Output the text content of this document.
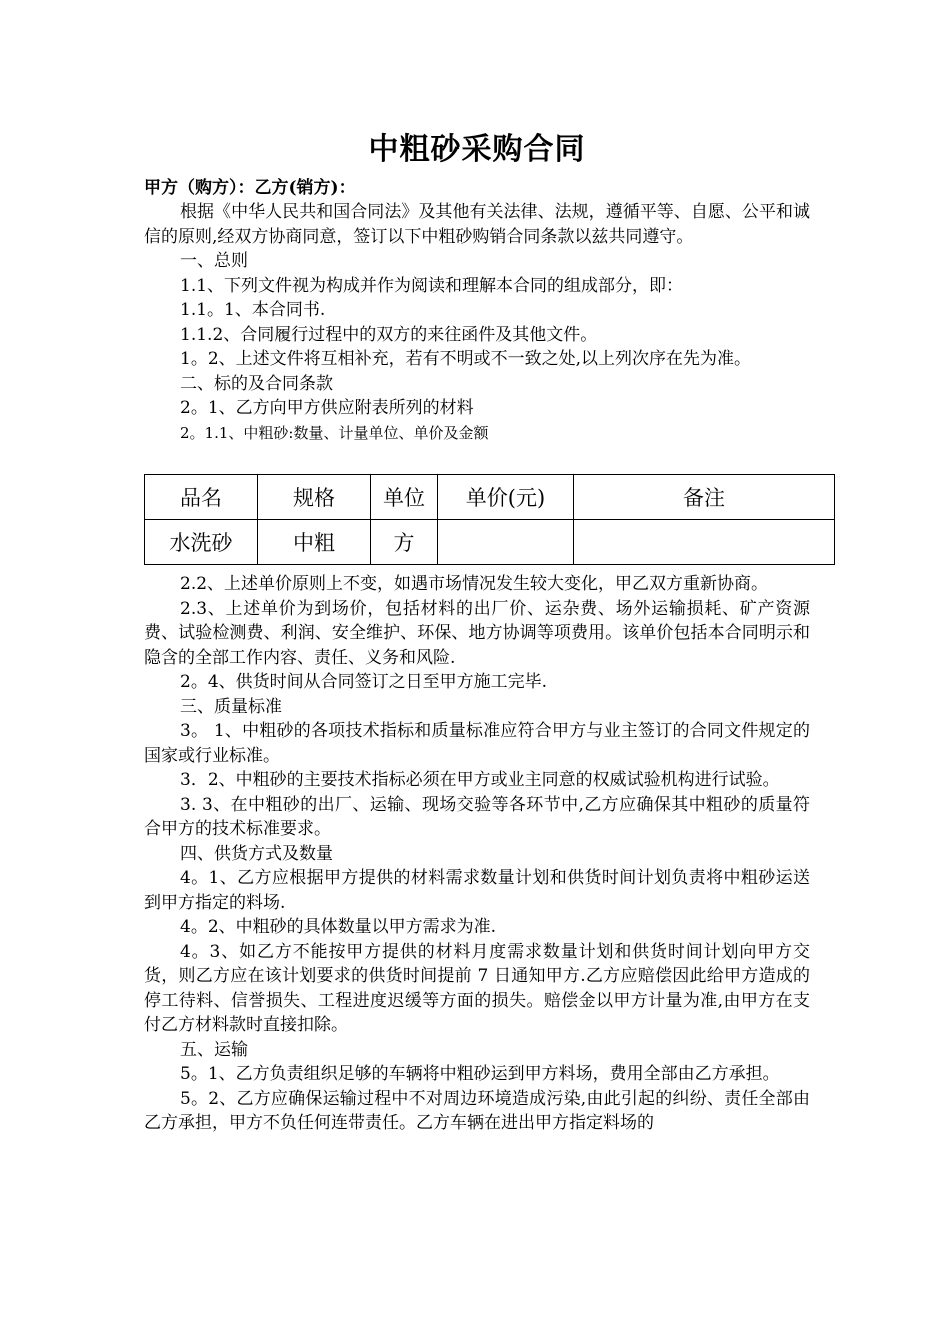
中粗砂采购合同

甲方（购方）：乙方(销方)：

根据《中华人民共和国合同法》及其他有关法律、法规，遵循平等、自愿、公平和诚信的原则,经双方协商同意，签订以下中粗砂购销合同条款以兹共同遵守。

一、总则

1.1、下列文件视为构成并作为阅读和理解本合同的组成部分，即：

1.1。1、本合同书.

1.1.2、合同履行过程中的双方的来往函件及其他文件。

1。2、上述文件将互相补充，若有不明或不一致之处,以上列次序在先为准。

二、标的及合同条款

2。1、乙方向甲方供应附表所列的材料

2。1.1、中粗砂:数量、计量单位、单价及金额

品名	规格	单位	单价(元)	备注
水洗砂	中粗	方		

2.2、上述单价原则上不变，如遇市场情况发生较大变化，甲乙双方重新协商。

2.3、上述单价为到场价，包括材料的出厂价、运杂费、场外运输损耗、矿产资源费、试验检测费、利润、安全维护、环保、地方协调等项费用。该单价包括本合同明示和隐含的全部工作内容、责任、义务和风险.

2。4、供货时间从合同签订之日至甲方施工完毕.

三、质量标准

3。 1、中粗砂的各项技术指标和质量标准应符合甲方与业主签订的合同文件规定的国家或行业标准。

3．2、中粗砂的主要技术指标必须在甲方或业主同意的权威试验机构进行试验。

3. 3、在中粗砂的出厂、运输、现场交验等各环节中,乙方应确保其中粗砂的质量符合甲方的技术标准要求。

四、供货方式及数量

4。1、乙方应根据甲方提供的材料需求数量计划和供货时间计划负责将中粗砂运送到甲方指定的料场.

4。2、中粗砂的具体数量以甲方需求为准.

4。3、如乙方不能按甲方提供的材料月度需求数量计划和供货时间计划向甲方交货，则乙方应在该计划要求的供货时间提前 7 日通知甲方.乙方应赔偿因此给甲方造成的停工待料、信誉损失、工程进度迟缓等方面的损失。赔偿金以甲方计量为准,由甲方在支付乙方材料款时直接扣除。

五、运输

5。1、乙方负责组织足够的车辆将中粗砂运到甲方料场，费用全部由乙方承担。

5。2、乙方应确保运输过程中不对周边环境造成污染,由此引起的纠纷、责任全部由乙方承担，甲方不负任何连带责任。乙方车辆在进出甲方指定料场的
